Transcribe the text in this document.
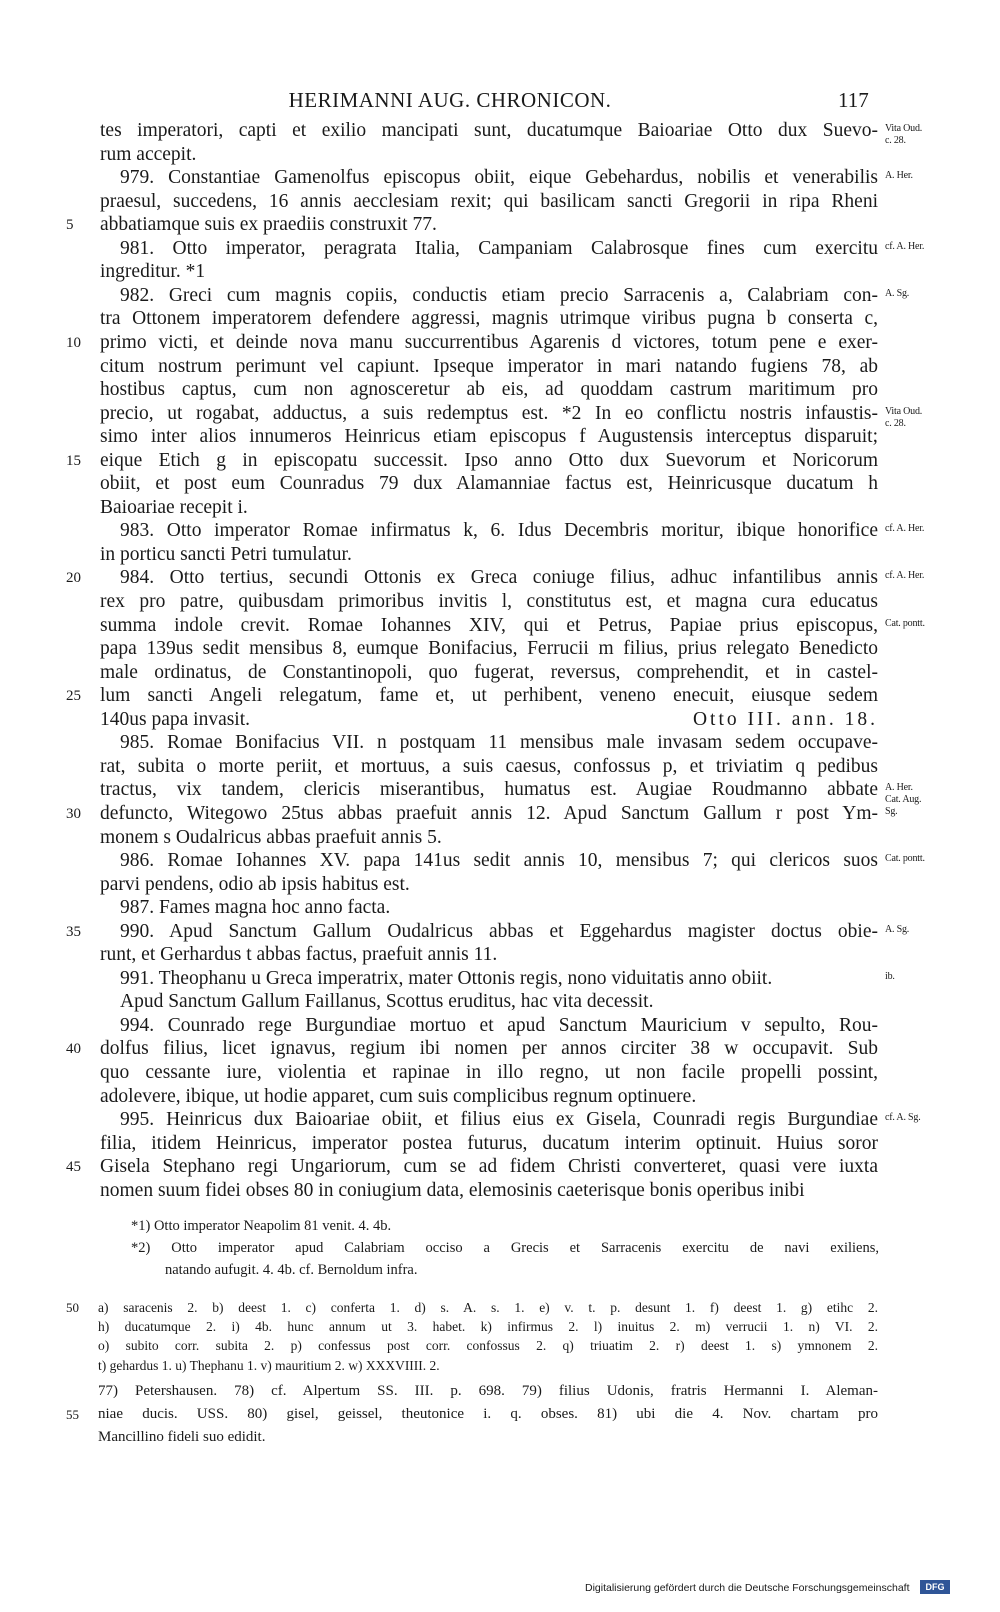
HERIMANNI AUG. CHRONICON.	117
tes imperatori, capti et exilio mancipati sunt, ducatumque Baioariae Otto dux Suevo- Vita Oud.
c. 28.
rum accepit.
979. Constantiae Gamenolfus episcopus obiit, eique Gebehardus, nobilis et venerabilis A. Her.
praesul, succedens, 16 annis aecclesiam rexit; qui basilicam sancti Gregorii in ripa Rheni
abbatiamque suis ex praediis construxit 77.
5
981. Otto imperator, peragrata Italia, Campaniam Calabrosque fines cum exercitu cf. A. Her.
ingreditur. *1
982. Greci cum magnis copiis, conductis etiam precio Sarracenis a, Calabriam con- A. Sg.
tra Ottonem imperatorem defendere aggressi, magnis utrimque viribus pugna b conserta c,
primo victi, et deinde nova manu succurrentibus Agarenis d victores, totum pene e exer-
10
citum nostrum perimunt vel capiunt. Ipseque imperator in mari natando fugiens 78, ab
hostibus captus, cum non agnosceretur ab eis, ad quoddam castrum maritimum pro
precio, ut rogabat, adductus, a suis redemptus est. *2 In eo conflictu nostris infaustis- Vita Oud.
c. 28.
simo inter alios innumeros Heinricus etiam episcopus f Augustensis interceptus disparuit;
eique Etich g in episcopatu successit. Ipso anno Otto dux Suevorum et Noricorum
15
obiit, et post eum Counradus 79 dux Alamanniae factus est, Heinricusque ducatum h
Baioariae recepit i.
983. Otto imperator Romae infirmatus k, 6. Idus Decembris moritur, ibique honorifice cf. A. Her.
in porticu sancti Petri tumulatur.
984. Otto tertius, secundi Ottonis ex Greca coniuge filius, adhuc infantilibus annis
20	cf. A. Her.
rex pro patre, quibusdam primoribus invitis l, constitutus est, et magna cura educatus
summa indole crevit. Romae Iohannes XIV, qui et Petrus, Papiae prius episcopus, Cat. pontt.
papa 139us sedit mensibus 8, eumque Bonifacius, Ferrucii m filius, prius relegato Benedicto
male ordinatus, de Constantinopoli, quo fugerat, reversus, comprehendit, et in castel-
lum sancti Angeli relegatum, fame et, ut perhibent, veneno enecuit, eiusque sedem
25
140us papa invasit.	Otto III. ann. 18.
985. Romae Bonifacius VII. n postquam 11 mensibus male invasam sedem occupave-
rat, subita o morte periit, et mortuus, a suis caesus, confossus p, et triviatim q pedibus
tractus, vix tandem, clericis miserantibus, humatus est. Augiae Roudmanno abbate A. Her.
Cat. Aug.
defuncto, Witegowo 25tus abbas praefuit annis 12. Apud Sanctum Gallum r post Ym-
30	Sg.
monem s Oudalricus abbas praefuit annis 5.
986. Romae Iohannes XV. papa 141us sedit annis 10, mensibus 7; qui clericos suos Cat. pontt.
parvi pendens, odio ab ipsis habitus est.
987. Fames magna hoc anno facta.
990. Apud Sanctum Gallum Oudalricus abbas et Eggehardus magister doctus obie-
35	A. Sg.
runt, et Gerhardus t abbas factus, praefuit annis 11.
991. Theophanu u Greca imperatrix, mater Ottonis regis, nono viduitatis anno obiit.	ib.
Apud Sanctum Gallum Faillanus, Scottus eruditus, hac vita decessit.
994. Counrado rege Burgundiae mortuo et apud Sanctum Mauricium v sepulto, Rou-
dolfus filius, licet ignavus, regium ibi nomen per annos circiter 38 w occupavit. Sub
40
quo cessante iure, violentia et rapinae in illo regno, ut non facile propelli possint,
adolevere, ibique, ut hodie apparet, cum suis complicibus regnum optinuere.
995. Heinricus dux Baioariae obiit, et filius eius ex Gisela, Counradi regis Burgundiae cf. A. Sg.
filia, itidem Heinricus, imperator postea futurus, ducatum interim optinuit. Huius soror
Gisela Stephano regi Ungariorum, cum se ad fidem Christi converteret, quasi vere iuxta
45
nomen suum fidei obses 80 in coniugium data, elemosinis caeterisque bonis operibus inibi
*1) Otto imperator Neapolim 81 venit. 4. 4b.
*2) Otto imperator apud Calabriam occiso a Grecis et Sarracenis exercitu de navi exiliens,
natando aufugit. 4. 4b. cf. Bernoldum infra.
a) saracenis 2. b) deest 1. c) conferta 1. d) s. A. s. 1. e) v. t. p. desunt 1. f) deest 1. g) etihc 2.
50
h) ducatumque 2. i) 4b. hunc annum ut 3. habet. k) infirmus 2. l) inuitus 2. m) verrucii 1. n) VI. 2.
o) subito corr. subita 2. p) confessus post corr. confossus 2. q) triuatim 2. r) deest 1. s) ymnonem 2.
t) gehardus 1. u) Thephanu 1. v) mauritium 2. w) XXXVIIII. 2.
77) Petershausen. 78) cf. Alpertum SS. III. p. 698. 79) filius Udonis, fratris Hermanni I. Aleman-
niae ducis. USS. 80) gisel, geissel, theutonice i. q. obses. 81) ubi die 4. Nov. chartam pro
55
Mancillino fideli suo edidit.
Digitalisierung gefördert durch die Deutsche Forschungsgemeinschaft	DFG
